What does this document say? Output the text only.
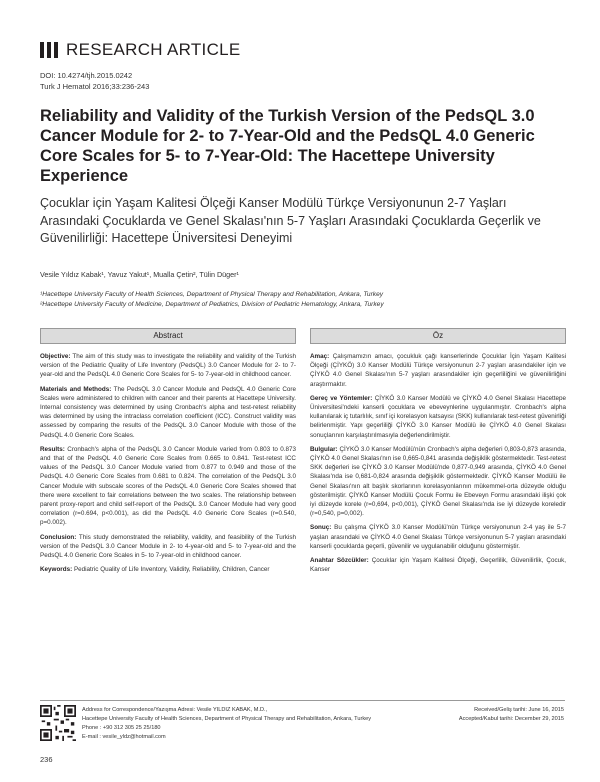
RESEARCH ARTICLE
DOI: 10.4274/tjh.2015.0242
Turk J Hematol 2016;33:236-243
Reliability and Validity of the Turkish Version of the PedsQL 3.0 Cancer Module for 2- to 7-Year-Old and the PedsQL 4.0 Generic Core Scales for 5- to 7-Year-Old: The Hacettepe University Experience
Çocuklar için Yaşam Kalitesi Ölçeği Kanser Modülü Türkçe Versiyonunun 2-7 Yaşları Arasındaki Çocuklarda ve Genel Skalası'nın 5-7 Yaşları Arasındaki Çocuklarda Geçerlik ve Güvenilirliği: Hacettepe Üniversitesi Deneyimi
Vesile Yıldız Kabak¹, Yavuz Yakut¹, Mualla Çetin², Tülin Düger¹
¹Hacettepe University Faculty of Health Sciences, Department of Physical Therapy and Rehabilitation, Ankara, Turkey
²Hacettepe University Faculty of Medicine, Department of Pediatrics, Division of Pediatric Hematology, Ankara, Turkey
Abstract	Öz

Objective: The aim of this study was to investigate the reliability and validity of the Turkish version of the Pediatric Quality of Life Inventory (PedsQL) 3.0 Cancer Module for 2- to 7-year-old and the PedsQL 4.0 Generic Core Scales for 5- to 7-year-old in childhood cancer.

Materials and Methods: The PedsQL 3.0 Cancer Module and PedsQL 4.0 Generic Core Scales were administered to children with cancer and their parents at Hacettepe University. Internal consistency was determined by using Cronbach's alpha and test-retest reliability was determined by using the intraclass correlation coefficient (ICC). Construct validity was assessed by comparing the results of the PedsQL 3.0 Cancer Module with those of the PedsQL 4.0 Generic Core Scales.

Results: Cronbach's alpha of the PedsQL 3.0 Cancer Module varied from 0.803 to 0.873 and that of the PedsQL 4.0 Generic Core Scales from 0.665 to 0.841. Test-retest ICC values of the PedsQL 3.0 Cancer Module varied from 0.877 to 0.949 and those of the PedsQL 4.0 Generic Core Scales from 0.681 to 0.824. The correlation of the PedsQL 3.0 Cancer Module with subscale scores of the PedsQL 4.0 Generic Core Scales showed that there were excellent to fair correlations between the two scales. The relationship between parent proxy-report and child self-report of the PedsQL 3.0 Cancer Module had very good correlation (r=0.694, p<0.001), as did the PedsQL 4.0 Generic Core Scales (r=0.540, p=0.002).

Conclusion: This study demonstrated the reliability, validity, and feasibility of the Turkish version of the PedsQL 3.0 Cancer Module in 2- to 4-year-old and 5- to 7-year-old and the PedsQL 4.0 Generic Core Scales in 5- to 7-year-old in childhood cancer.

Keywords: Pediatric Quality of Life Inventory, Validity, Reliability, Children, Cancer

Amaç: Çalışmamızın amacı, çocukluk çağı kanserlerinde Çocuklar İçin Yaşam Kalitesi Ölçeği (ÇİYKÖ) 3.0 Kanser Modülü Türkçe versiyonunun 2-7 yaşları arasındakiler için ve ÇİYKÖ 4.0 Genel Skalası'nın 5-7 yaşları arasındakiler için geçerliliğini ve güvenilirliğini araştırmaktır.

Gereç ve Yöntemler: ÇİYKÖ 3.0 Kanser Modülü ve ÇİYKÖ 4.0 Genel Skalası Hacettepe Üniversitesi'ndeki kanserli çocuklara ve ebeveynlerine uygulanmıştır. Cronbach's alpha kullanılarak iç tutarlılık, sınıf içi korelasyon katsayısı (SKK) kullanılarak test-retest güvenirliği belirlenmiştir. Yapı geçerliliği ÇİYKÖ 3.0 Kanser Modülü ile ÇİYKÖ 4.0 Genel Skalası sonuçlarının karşılaştırılmasıyla değerlendirilmiştir.

Bulgular: ÇİYKÖ 3.0 Kanser Modülü'nün Cronbach's alpha değerleri 0,803-0,873 arasında, ÇİYKÖ 4.0 Genel Skalası'nın ise 0,665-0,841 arasında değişiklik göstermektedir. Test-retest SKK değerleri ise ÇİYKÖ 3.0 Kanser Modülü'nde 0,877-0,949 arasında, ÇİYKÖ 4.0 Genel Skalası'nda ise 0,681-0,824 arasında değişiklik göstermektedir. ÇİYKÖ Kanser Modülü ile Genel Skalası'nın alt başlık skorlarının korelasyonlarının mükemmel-orta düzeyde olduğu gösterilmiştir. ÇİYKÖ Kanser Modülü Çocuk Formu ile Ebeveyn Formu arasındaki ilişki çok iyi düzeyde korele (r=0,694, p<0,001), ÇİYKÖ Genel Skalası'nda ise iyi düzeyde koreledir (r=0,540, p=0,002).

Sonuç: Bu çalışma ÇİYKÖ 3.0 Kanser Modülü'nün Türkçe versiyonunun 2-4 yaş ile 5-7 yaşları arasındaki ve ÇİYKÖ 4.0 Genel Skalası Türkçe versiyonunun 5-7 yaşları arasındaki kanserli çocuklarda geçerli, güvenilir ve uygulanabilir olduğunu göstermiştir.

Anahtar Sözcükler: Çocuklar için Yaşam Kalitesi Ölçeği, Geçerlilik, Güvenilirlik, Çocuk, Kanser

Address for Correspondence/Yazışma Adresi: Vesile YILDIZ KABAK, M.D.,
Hacettepe University Faculty of Health Sciences, Department of Physical Therapy and Rehabilitation, Ankara, Turkey
Phone : +90 312 305 25 25/180
E-mail : vesile_yldz@hotmail.com
Received/Geliş tarihi: June 16, 2015
Accepted/Kabul tarihi: December 29, 2015
236
